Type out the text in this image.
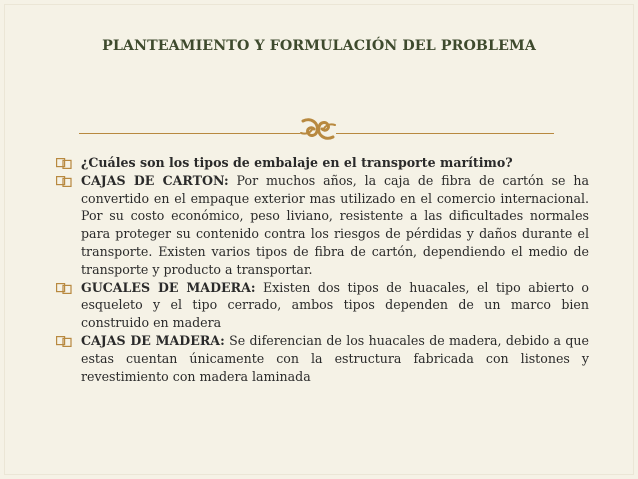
PLANTEAMIENTO Y FORMULACIÓN DEL PROBLEMA
¿Cuáles son los tipos de embalaje en el transporte marítimo?
CAJAS DE CARTON: Por muchos años, la caja de fibra de cartón se ha convertido en el empaque exterior mas utilizado en el comercio internacional. Por su costo económico, peso liviano, resistente a las dificultades normales para proteger su contenido contra los riesgos de pérdidas y daños durante el transporte. Existen varios tipos de fibra de cartón, dependiendo el medio de transporte y producto a transportar.
GUCALES DE MADERA: Existen dos tipos de huacales, el tipo abierto o esqueleto y el tipo cerrado, ambos tipos dependen de un marco bien construido en madera
CAJAS DE MADERA: Se diferencian de los huacales de madera, debido a que estas cuentan únicamente con la estructura fabricada con listones y revestimiento con madera laminada
